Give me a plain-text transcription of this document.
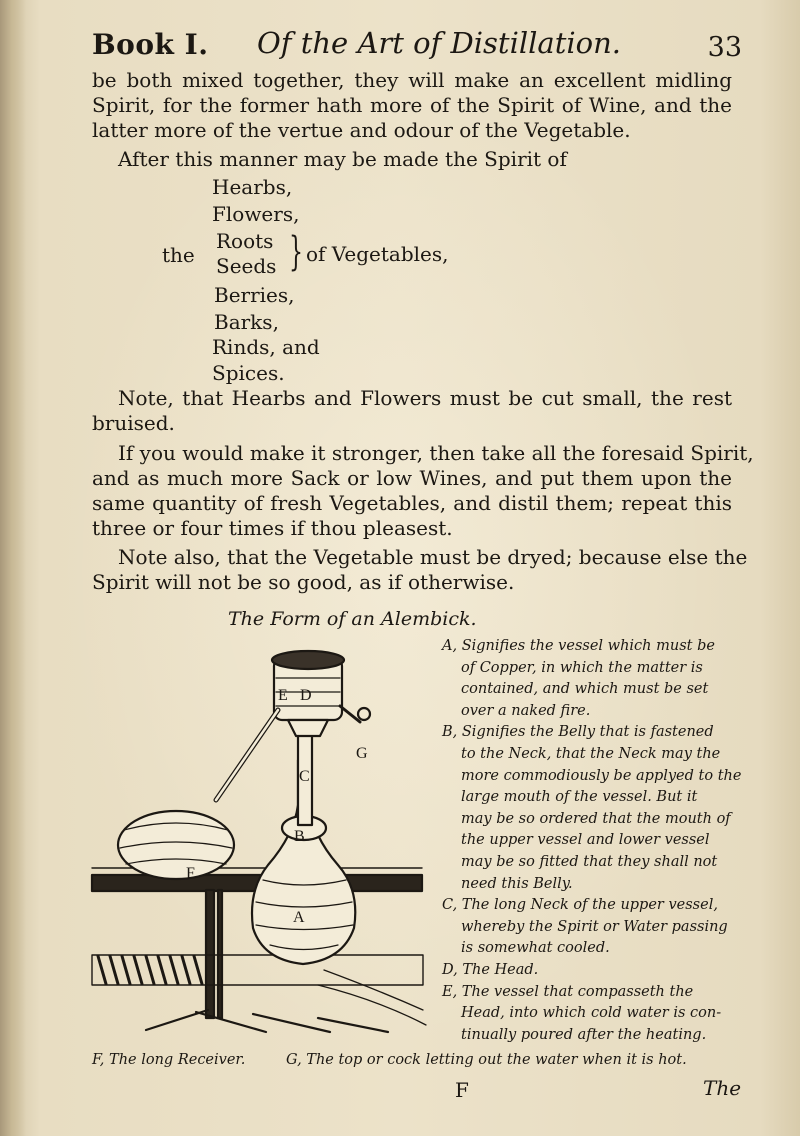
Book I. Of the Art of Distillation.	33
be both mixed together, they will make an excellent midling
Spirit, for the former hath more of the Spirit of Wine, and the
latter more of the vertue and odour of the Vegetable.
After this manner may be made the Spirit of
Hearbs,
Flowers,
the
Roots
Seeds } of Vegetables,
Berries,
Barks,
Rinds, and
Spices.
Note, that Hearbs and Flowers must be cut small, the rest
bruised.
If you would make it stronger, then take all the foresaid Spirit,
and as much more Sack or low Wines, and put them upon the
same quantity of fresh Vegetables, and distil them; repeat this
three or four times if thou pleasest.
Note also, that the Vegetable must be dryed; because else the
Spirit will not be so good, as if otherwise.
The Form of an Alembick.
A
B
C
D
E
F
G
A, Signifies the vessel which must be
of Copper, in which the matter is
contained, and which must be set
over a naked fire.
B, Signifies the Belly that is fastened
to the Neck, that the Neck may the
more commodiously be applyed to the
large mouth of the vessel. But it
may be so ordered that the mouth of
the upper vessel and lower vessel
may be so fitted that they shall not
need this Belly.
C, The long Neck of the upper vessel,
whereby the Spirit or Water passing
is somewhat cooled.
D, The Head.
E, The vessel that compasseth the
Head, into which cold water is con-
tinually poured after the heating.
F, The long Receiver.	G, The top or cock letting out the water when it is hot.
F	The
